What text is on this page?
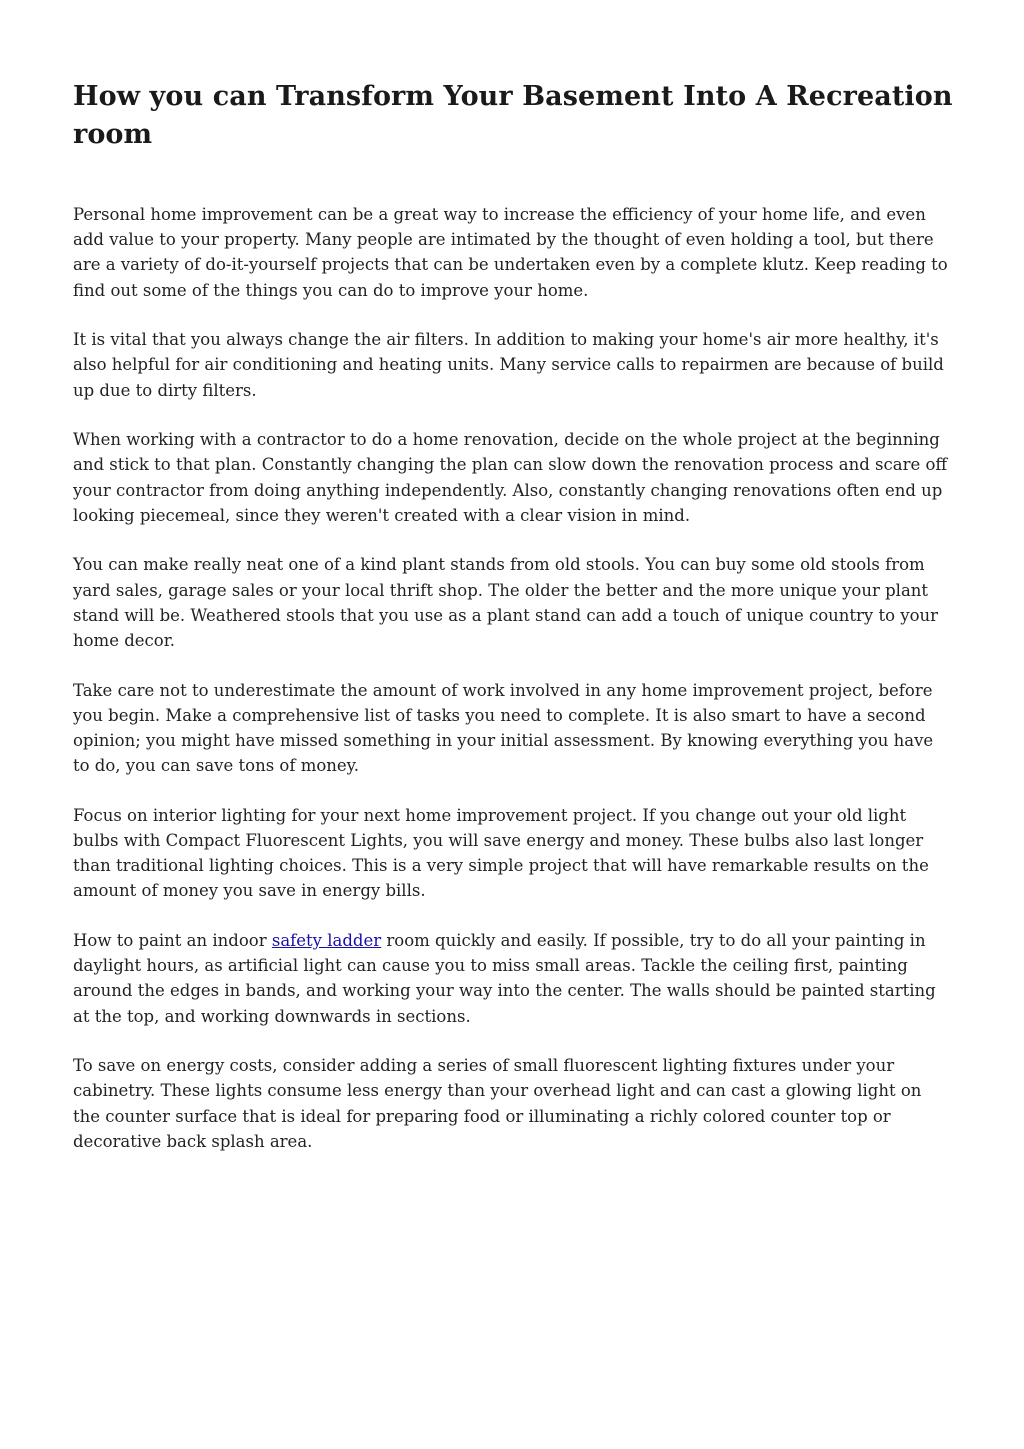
How you can Transform Your Basement Into A Recreation room

Personal home improvement can be a great way to increase the efficiency of your home life, and even add value to your property. Many people are intimated by the thought of even holding a tool, but there are a variety of do-it-yourself projects that can be undertaken even by a complete klutz. Keep reading to find out some of the things you can do to improve your home.

It is vital that you always change the air filters. In addition to making your home's air more healthy, it's also helpful for air conditioning and heating units. Many service calls to repairmen are because of build up due to dirty filters.

When working with a contractor to do a home renovation, decide on the whole project at the beginning and stick to that plan. Constantly changing the plan can slow down the renovation process and scare off your contractor from doing anything independently. Also, constantly changing renovations often end up looking piecemeal, since they weren't created with a clear vision in mind.

You can make really neat one of a kind plant stands from old stools. You can buy some old stools from yard sales, garage sales or your local thrift shop. The older the better and the more unique your plant stand will be. Weathered stools that you use as a plant stand can add a touch of unique country to your home decor.

Take care not to underestimate the amount of work involved in any home improvement project, before you begin. Make a comprehensive list of tasks you need to complete. It is also smart to have a second opinion; you might have missed something in your initial assessment. By knowing everything you have to do, you can save tons of money.

Focus on interior lighting for your next home improvement project. If you change out your old light bulbs with Compact Fluorescent Lights, you will save energy and money. These bulbs also last longer than traditional lighting choices. This is a very simple project that will have remarkable results on the amount of money you save in energy bills.

How to paint an indoor safety ladder room quickly and easily. If possible, try to do all your painting in daylight hours, as artificial light can cause you to miss small areas. Tackle the ceiling first, painting around the edges in bands, and working your way into the center. The walls should be painted starting at the top, and working downwards in sections.

To save on energy costs, consider adding a series of small fluorescent lighting fixtures under your cabinetry. These lights consume less energy than your overhead light and can cast a glowing light on the counter surface that is ideal for preparing food or illuminating a richly colored counter top or decorative back splash area.
